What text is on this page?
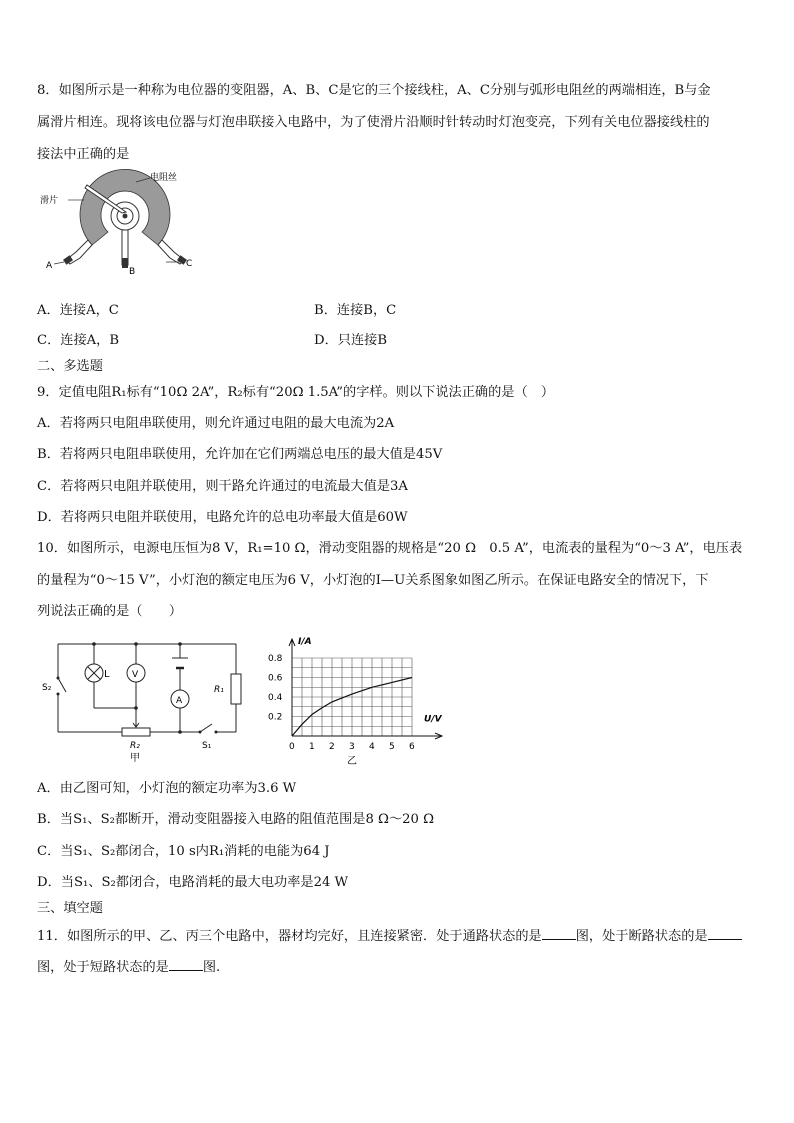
8．如图所示是一种称为电位器的变阻器，A、B、C是它的三个接线柱，A、C分别与弧形电阻丝的两端相连，B与金
属滑片相连。现将该电位器与灯泡串联接入电路中，为了使滑片沿顺时针转动时灯泡变亮，下列有关电位器接线柱的
接法中正确的是
滑片
电阻丝
A
B
C
A．连接A，C	B．连接B，C
C．连接A，B	D．只连接B
二、多选题
9．定值电阻R₁标有“10Ω 2A”，R₂标有“20Ω 1.5A”的字样。则以下说法正确的是（　）
A．若将两只电阻串联使用，则允许通过电阻的最大电流为2A
B．若将两只电阻串联使用，允许加在它们两端总电压的最大值是45V
C．若将两只电阻并联使用，则干路允许通过的电流最大值是3A
D．若将两只电阻并联使用，电路允许的总电功率最大值是60W
10．如图所示，电源电压恒为8 V，R₁=10 Ω，滑动变阻器的规格是“20 Ω　0.5 A”，电流表的量程为“0～3 A”，电压表
的量程为“0～15 V”，小灯泡的额定电压为6 V，小灯泡的I—U关系图象如图乙所示。在保证电路安全的情况下，下
列说法正确的是（　　）
S₂
L V
A
R₁
R₂	S₁
甲
0 1 2 3 4 5 6
0.2
0.4
0.6
0.8
I/A
U/V
乙
A．由乙图可知，小灯泡的额定功率为3.6 W
B．当S₁、S₂都断开，滑动变阻器接入电路的阻值范围是8 Ω～20 Ω
C．当S₁、S₂都闭合，10 s内R₁消耗的电能为64 J
D．当S₁、S₂都闭合，电路消耗的最大电功率是24 W
三、填空题
11．如图所示的甲、乙、丙三个电路中，器材均完好，且连接紧密．处于通路状态的是	图，处于断路状态的是
图，处于短路状态的是	图.
